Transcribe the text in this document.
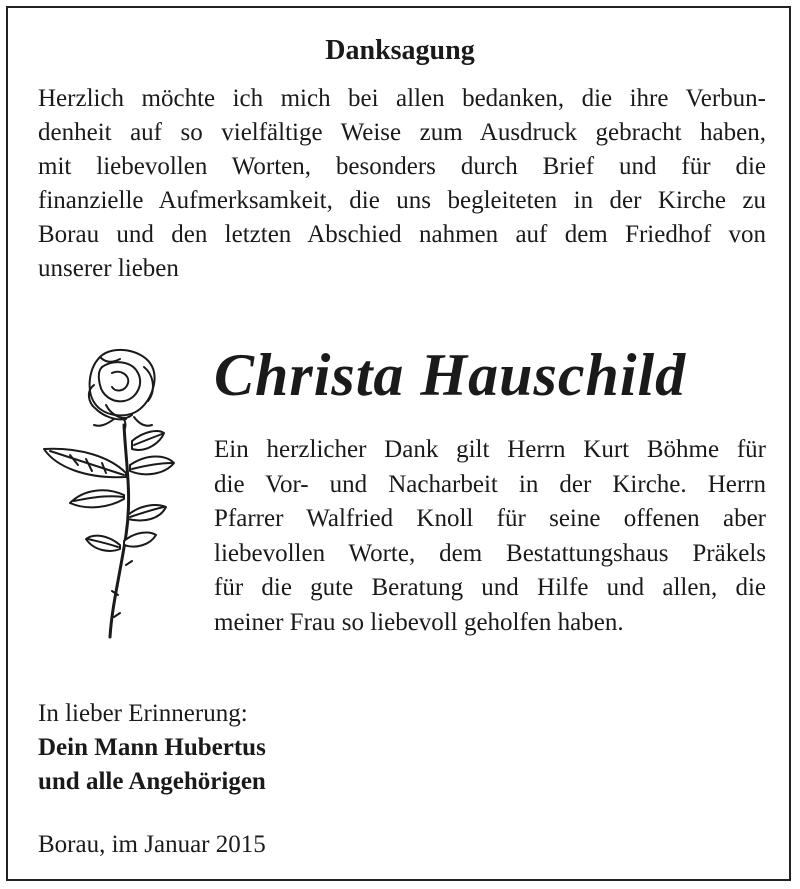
Danksagung
Herzlich möchte ich mich bei allen bedanken, die ihre Verbun-
denheit auf so vielfältige Weise zum Ausdruck gebracht haben,
mit liebevollen Worten, besonders durch Brief und für die
finanzielle Aufmerksamkeit, die uns begleiteten in der Kirche zu
Borau und den letzten Abschied nahmen auf dem Friedhof von
unserer lieben
Christa Hauschild
Ein herzlicher Dank gilt Herrn Kurt Böhme für
die Vor- und Nacharbeit in der Kirche. Herrn
Pfarrer Walfried Knoll für seine offenen aber
liebevollen Worte, dem Bestattungshaus Präkels
für die gute Beratung und Hilfe und allen, die
meiner Frau so liebevoll geholfen haben.
In lieber Erinnerung:
Dein Mann Hubertus
und alle Angehörigen
Borau, im Januar 2015
